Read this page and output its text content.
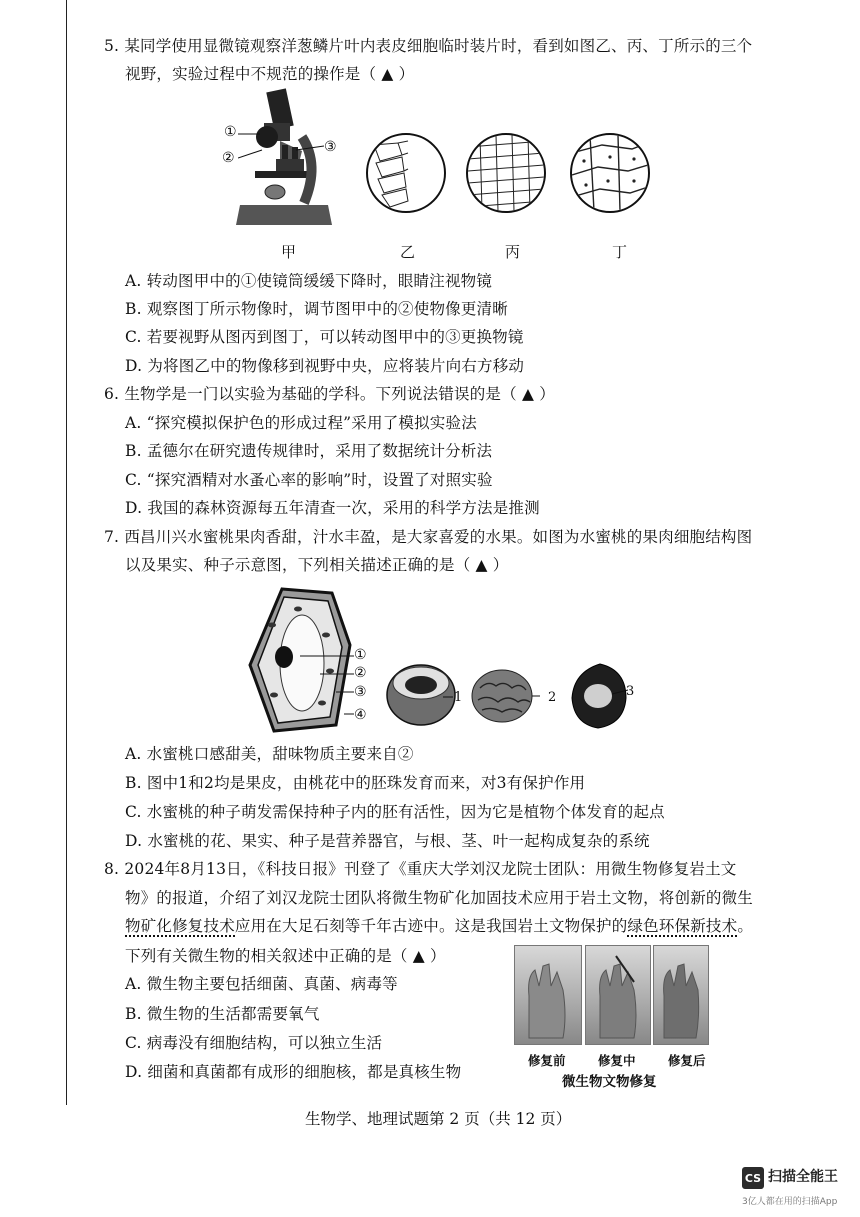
5. 某同学使用显微镜观察洋葱鳞片叶内表皮细胞临时装片时，看到如图乙、丙、丁所示的三个
视野，实验过程中不规范的操作是（ ▲ ）
①
②
③
甲	乙	丙	丁
A. 转动图甲中的①使镜筒缓缓下降时，眼睛注视物镜
B. 观察图丁所示物像时，调节图甲中的②使物像更清晰
C. 若要视野从图丙到图丁，可以转动图甲中的③更换物镜
D. 为将图乙中的物像移到视野中央，应将装片向右方移动
6. 生物学是一门以实验为基础的学科。下列说法错误的是（ ▲ ）
A. “探究模拟保护色的形成过程”采用了模拟实验法
B. 孟德尔在研究遗传规律时，采用了数据统计分析法
C. “探究酒精对水蚤心率的影响”时，设置了对照实验
D. 我国的森林资源每五年清查一次，采用的科学方法是推测
7. 西昌川兴水蜜桃果肉香甜，汁水丰盈，是大家喜爱的水果。如图为水蜜桃的果肉细胞结构图
以及果实、种子示意图，下列相关描述正确的是（ ▲ ）
①
②
③
④
1	2	3
A. 水蜜桃口感甜美，甜味物质主要来自②
B. 图中1和2均是果皮，由桃花中的胚珠发育而来，对3有保护作用
C. 水蜜桃的种子萌发需保持种子内的胚有活性，因为它是植物个体发育的起点
D. 水蜜桃的花、果实、种子是营养器官，与根、茎、叶一起构成复杂的系统
8. 2024年8月13日，《科技日报》刊登了《重庆大学刘汉龙院士团队：用微生物修复岩土文
物》的报道，介绍了刘汉龙院士团队将微生物矿化加固技术应用于岩土文物，将创新的微生
物矿化修复技术应用在大足石刻等千年古迹中。这是我国岩土文物保护的绿色环保新技术。
下列有关微生物的相关叙述中正确的是（ ▲ ）
A. 微生物主要包括细菌、真菌、病毒等
B. 微生物的生活都需要氧气
C. 病毒没有细胞结构，可以独立生活
D. 细菌和真菌都有成形的细胞核，都是真核生物
修复前	修复中	修复后
微生物文物修复
生物学、地理试题第 2 页（共 12 页）
CS 扫描全能王
3亿人都在用的扫描App
